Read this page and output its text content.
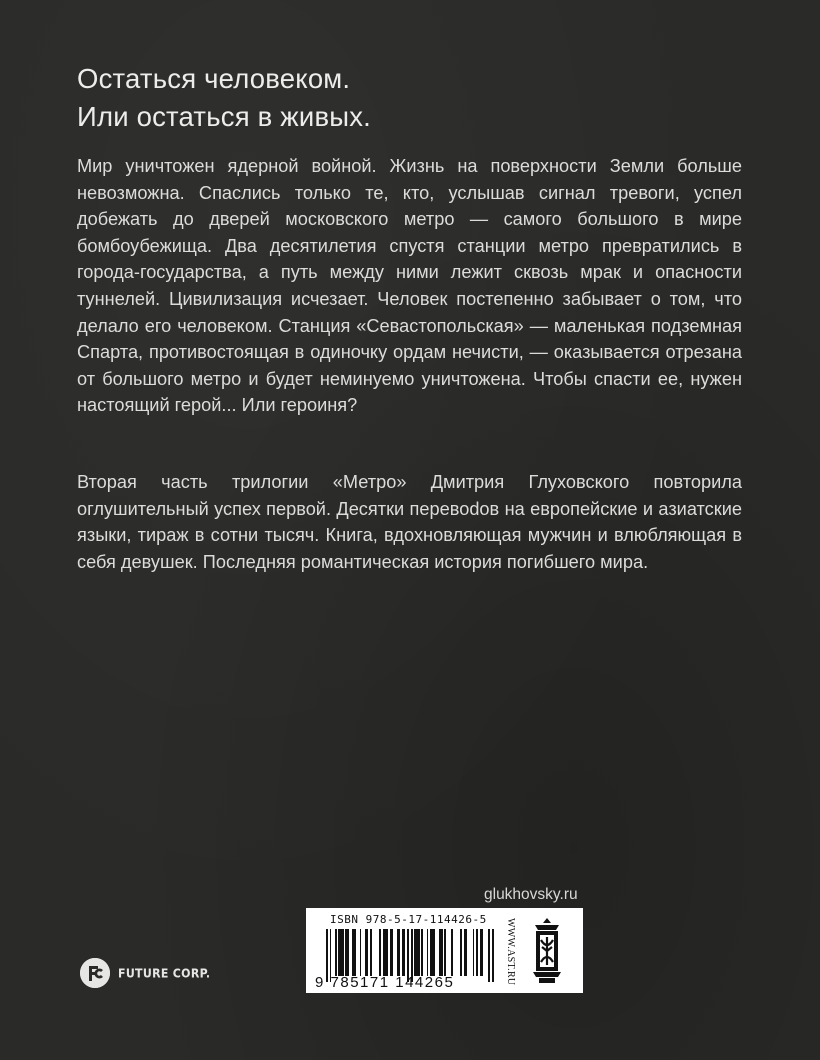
Остаться человеком.
Или остаться в живых.

Мир уничтожен ядерной войной. Жизнь на поверхности Земли больше невозможна. Спаслись только те, кто, услышав сигнал тревоги, успел добежать до дверей московского метро — самого большого в мире бомбоубежища. Два десятилетия спустя станции метро превратились в города-государства, а путь между ними лежит сквозь мрак и опасности туннелей. Цивилизация исчезает. Человек постепенно забывает о том, что делало его человеком. Станция «Севастопольская» — маленькая подземная Спарта, противостоящая в одиночку ордам нечисти, — оказывается отрезана от большого метро и будет неминуемо уничтожена. Чтобы спасти ее, нужен настоящий герой... Или героиня?

Вторая часть трилогии «Метро» Дмитрия Глуховского повторила оглушительный успех первой. Десятки перевоdов на европейские и азиатские языки, тираж в сотни тысяч. Книга, вдохновляющая мужчин и влюбляющая в себя девушек. Последняя романтическая история погибшего мира.

glukhovsky.ru
FUTURE CORP.
ISBN 978-5-17-114426-5
9 785171 144265	WWW.AST.RU
